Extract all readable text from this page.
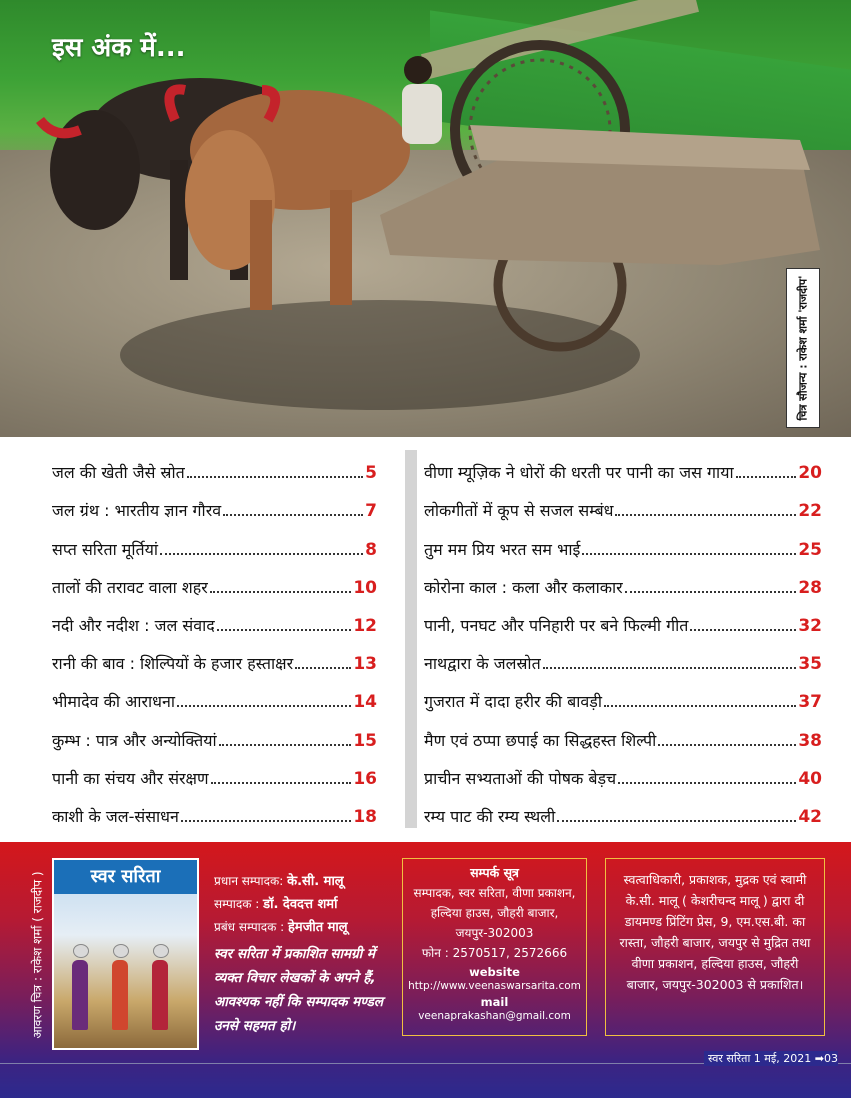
इस अंक में...
चित्र सौजन्य : राकेश शर्मा 'राजदीप'
जल की खेती जैसे स्रोत	5
जल ग्रंथ : भारतीय ज्ञान गौरव	7
सप्त सरिता मूर्तियां	8
तालों की तरावट वाला शहर	10
नदी और नदीश : जल संवाद	12
रानी की बाव : शिल्पियों के हजार हस्ताक्षर	13
भीमादेव की आराधना	14
कुम्भ : पात्र और अन्योक्तियां	15
पानी का संचय और संरक्षण	16
काशी के जल-संसाधन	18
वीणा म्यूज़िक ने धोरों की धरती पर पानी का जस गाया	20
लोकगीतों में कूप से सजल सम्बंध	22
तुम मम प्रिय भरत सम भाई	25
कोरोना काल : कला और कलाकार	28
पानी, पनघट और पनिहारी पर बने फिल्मी गीत	32
नाथद्वारा के जलस्रोत	35
गुजरात में दादा हरीर की बावड़ी	37
मैण एवं ठप्पा छपाई का सिद्धहस्त शिल्पी	38
प्राचीन सभ्यताओं की पोषक बेड़च	40
रम्य पाट की रम्य स्थली	42
आवरण चित्र : राकेश शर्मा ( राजदीप )	स्वर सरिता	प्रधान सम्पादक: के.सी. मालू
सम्पादक : डॉ. देवदत्त शर्मा
प्रबंध सम्पादक : हेमजीत मालू
स्वर सरिता में प्रकाशित सामग्री में व्यक्त विचार लेखकों के अपने हैं, आवश्यक नहीं कि सम्पादक मण्डल उनसे सहमत हो।
सम्पर्क सूत्र
सम्पादक, स्वर सरिता, वीणा प्रकाशन, हल्दिया हाउस, जौहरी बाजार, जयपुर-302003
फोन : 2570517, 2572666
website
http://www.veenaswarsarita.com
mail
veenaprakashan@gmail.com
स्वत्वाधिकारी, प्रकाशक, मुद्रक एवं स्वामी के.सी. मालू ( केशरीचन्द मालू ) द्वारा दी डायमण्ड प्रिंटिंग प्रेस, 9, एम.एस.बी. का रास्ता, जौहरी बाजार, जयपुर से मुद्रित तथा वीणा प्रकाशन, हल्दिया हाउस, जौहरी बाजार, जयपुर-302003 से प्रकाशित।
स्वर सरिता 1 मई, 2021 ➡03
